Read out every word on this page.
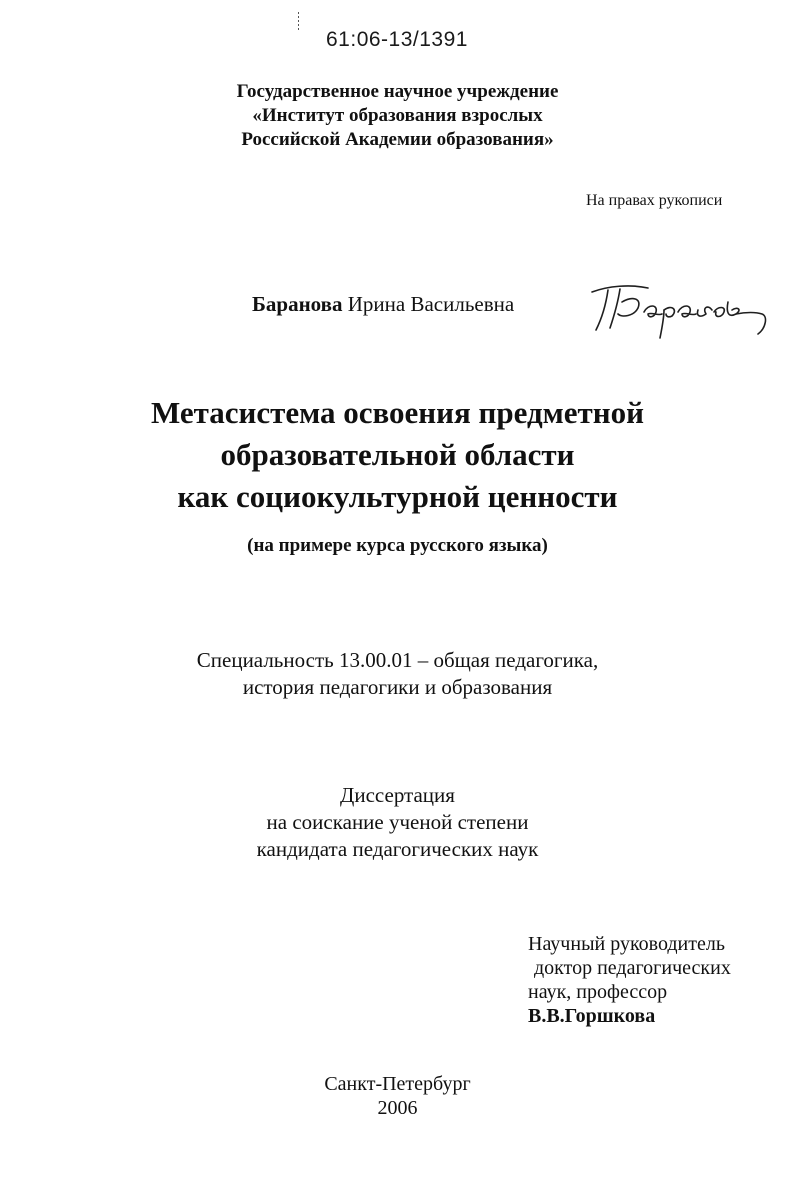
61:06-13/1391
Государственное научное учреждение
«Институт образования взрослых
Российской Академии образования»
На правах рукописи
Баранова Ирина Васильевна
Метасистема освоения предметной
образовательной области
как социокультурной ценности
(на примере курса русского языка)
Специальность 13.00.01 – общая педагогика,
история педагогики и образования
Диссертация
на соискание ученой степени
кандидата педагогических наук
Научный руководитель
доктор педагогических
наук, профессор
В.В.Горшкова
Санкт-Петербург
2006
